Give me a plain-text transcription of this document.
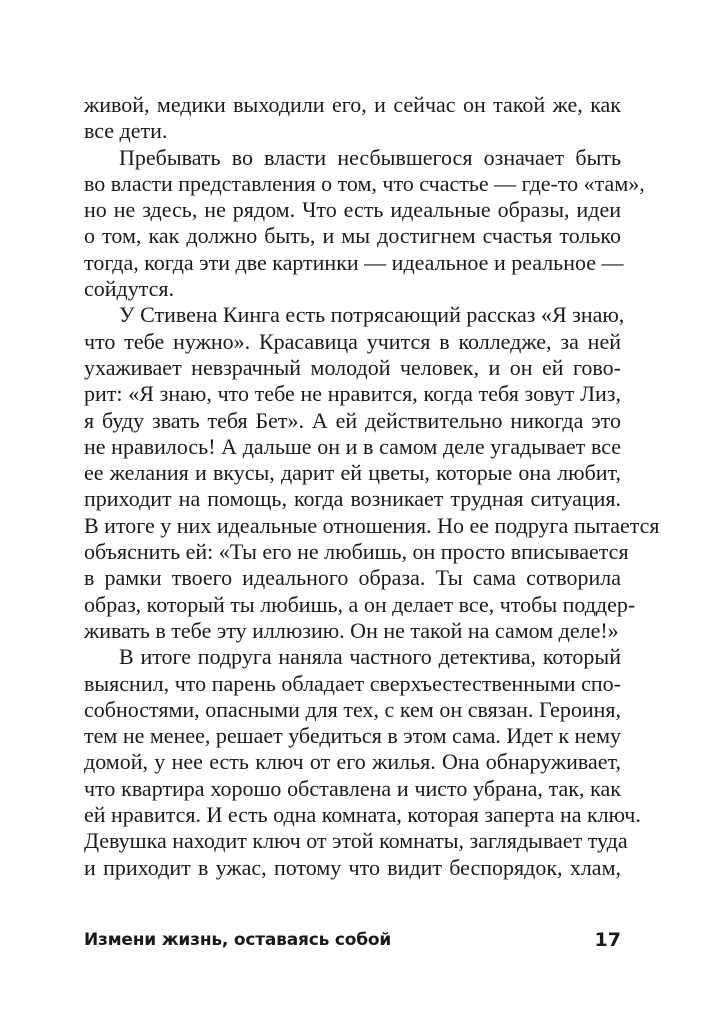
живой, медики выходили его, и сейчас он такой же, как
все дети.
Пребывать во власти несбывшегося означает быть
во власти представления о том, что счастье — где-то «там»,
но не здесь, не рядом. Что есть идеальные образы, идеи
о том, как должно быть, и мы достигнем счастья только
тогда, когда эти две картинки — идеальное и реальное —
сойдутся.
У Стивена Кинга есть потрясающий рассказ «Я знаю,
что тебе нужно». Красавица учится в колледже, за ней
ухаживает невзрачный молодой человек, и он ей гово-
рит: «Я знаю, что тебе не нравится, когда тебя зовут Лиз,
я буду звать тебя Бет». А ей действительно никогда это
не нравилось! А дальше он и в самом деле угадывает все
ее желания и вкусы, дарит ей цветы, которые она любит,
приходит на помощь, когда возникает трудная ситуация.
В итоге у них идеальные отношения. Но ее подруга пытается
объяснить ей: «Ты его не любишь, он просто вписывается
в рамки твоего идеального образа. Ты сама сотворила
образ, который ты любишь, а он делает все, чтобы поддер-
живать в тебе эту иллюзию. Он не такой на самом деле!»
В итоге подруга наняла частного детектива, который
выяснил, что парень обладает сверхъестественными спо-
собностями, опасными для тех, с кем он связан. Героиня,
тем не менее, решает убедиться в этом сама. Идет к нему
домой, у нее есть ключ от его жилья. Она обнаруживает,
что квартира хорошо обставлена и чисто убрана, так, как
ей нравится. И есть одна комната, которая заперта на ключ.
Девушка находит ключ от этой комнаты, заглядывает туда
и приходит в ужас, потому что видит беспорядок, хлам,
Измени жизнь, оставаясь собой	17
